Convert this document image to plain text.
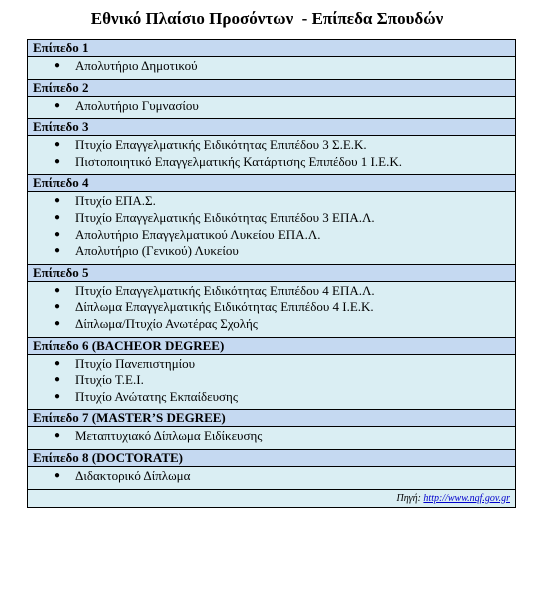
Εθνικό Πλαίσιο Προσόντων  - Επίπεδα Σπουδών
Επίπεδο 1
● Απολυτήριο Δημοτικού
Επίπεδο 2
● Απολυτήριο Γυμνασίου
Επίπεδο 3
● Πτυχίο Επαγγελματικής Ειδικότητας Επιπέδου 3 Σ.Ε.Κ.
● Πιστοποιητικό Επαγγελματικής Κατάρτισης Επιπέδου 1 Ι.Ε.Κ.
Επίπεδο 4
● Πτυχίο ΕΠΑ.Σ.
● Πτυχίο Επαγγελματικής Ειδικότητας Επιπέδου 3 ΕΠΑ.Λ.
● Απολυτήριο Επαγγελματικού Λυκείου ΕΠΑ.Λ.
● Απολυτήριο (Γενικού) Λυκείου
Επίπεδο 5
● Πτυχίο Επαγγελματικής Ειδικότητας Επιπέδου 4 ΕΠΑ.Λ.
● Δίπλωμα Επαγγελματικής Ειδικότητας Επιπέδου 4 Ι.Ε.Κ.
● Δίπλωμα/Πτυχίο Ανωτέρας Σχολής
Επίπεδο 6 (BACHEOR DEGREE)
● Πτυχίο Πανεπιστημίου
● Πτυχίο Τ.Ε.Ι.
● Πτυχίο Ανώτατης Εκπαίδευσης
Επίπεδο 7 (MASTER’S DEGREE)
● Μεταπτυχιακό Δίπλωμα Ειδίκευσης
Επίπεδο 8 (DOCTORATE)
● Διδακτορικό Δίπλωμα
Πηγή: http://www.nqf.gov.gr
